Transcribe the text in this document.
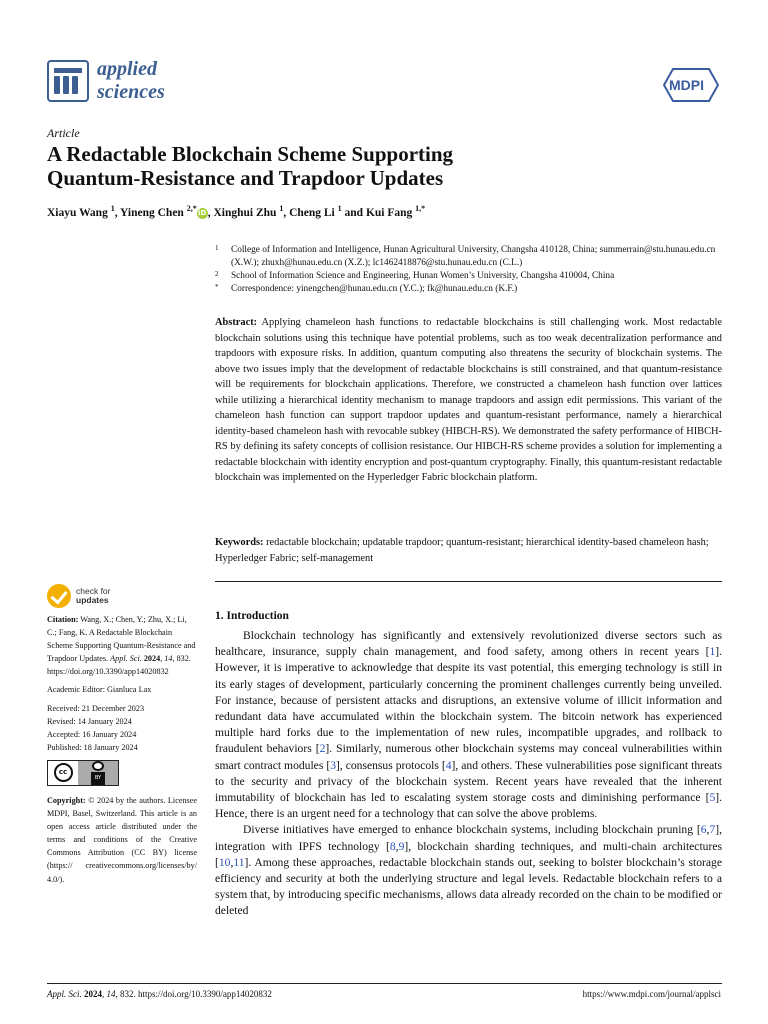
applied
sciences	MDPI
Article
A Redactable Blockchain Scheme Supporting
Quantum-Resistance and Trapdoor Updates
Xiayu Wang $^1$, Yineng Chen $^{2,*}$iD, Xinghui Zhu $^1$, Cheng Li $^1$ and Kui Fang $^{1,*}$
1	College of Information and Intelligence, Hunan Agricultural University, Changsha 410128, China; summerrain@stu.hunau.edu.cn (X.W.); zhuxh@hunau.edu.cn (X.Z.); lc1462418876@stu.hunau.edu.cn (C.L.)
2	School of Information Science and Engineering, Hunan Women’s University, Changsha 410004, China
*	Correspondence: yinengchen@hunau.edu.cn (Y.C.); fk@hunau.edu.cn (K.F.)
Abstract: Applying chameleon hash functions to redactable blockchains is still challenging work. Most redactable blockchain solutions using this technique have potential problems, such as too weak decentralization performance and trapdoors with exposure risks. In addition, quantum computing also threatens the security of blockchain systems. The above two issues imply that the development of redactable blockchains is still constrained, and that quantum-resistance will be requirements for blockchain applications. Therefore, we constructed a chameleon hash function over lattices while utilizing a hierarchical identity mechanism to manage trapdoors and assign edit permissions. This variant of the chameleon hash function can support trapdoor updates and quantum-resistant performance, namely a hierarchical identity-based chameleon hash with revocable subkey (HIBCH-RS). We demonstrated the safety performance of HIBCH-RS by defining its safety concepts of collision resistance. Our HIBCH-RS scheme provides a solution for implementing a redactable blockchain with identity encryption and post-quantum cryptography. Finally, this quantum-resistant redactable blockchain was implemented on the Hyperledger Fabric blockchain platform.
Keywords: redactable blockchain; updatable trapdoor; quantum-resistant; hierarchical identity-based chameleon hash; Hyperledger Fabric; self-management
check for
updates

Citation: Wang, X.; Chen, Y.; Zhu, X.; Li, C.; Fang, K. A Redactable Blockchain Scheme Supporting Quantum-Resistance and Trapdoor Updates. Appl. Sci. 2024, 14, 832. https://doi.org/10.3390/app14020832

Academic Editor: Gianluca Lax

Received: 21 December 2023
Revised: 14 January 2024
Accepted: 16 January 2024
Published: 18 January 2024
cc
BY

Copyright: © 2024 by the authors. Licensee MDPI, Basel, Switzerland. This article is an open access article distributed under the terms and conditions of the Creative Commons Attribution (CC BY) license (https:// creativecommons.org/licenses/by/ 4.0/).

1. Introduction

Blockchain technology has significantly and extensively revolutionized diverse sectors such as healthcare, insurance, supply chain management, and food safety, among others in recent years [1]. However, it is imperative to acknowledge that despite its vast potential, this emerging technology is still in its early stages of development, particularly concerning the prominent challenges currently being unveiled. For instance, because of persistent attacks and disruptions, an extensive volume of illicit information and redundant data have accumulated within the blockchain system. The bitcoin network has experienced multiple hard forks due to the implementation of new rules, incompatible upgrades, and rollback to fraudulent behaviors [2]. Similarly, numerous other blockchain systems may conceal vulnerabilities within smart contract modules [3], consensus protocols [4], and others. These vulnerabilities pose significant threats to the security and privacy of the blockchain system. Recent years have revealed that the inherent immutability of blockchain has led to escalating system storage costs and diminishing performance [5]. Hence, there is an urgent need for a technology that can solve the above problems.

Diverse initiatives have emerged to enhance blockchain systems, including blockchain pruning [6,7], integration with IPFS technology [8,9], blockchain sharding techniques, and multi-chain architectures [10,11]. Among these approaches, redactable blockchain stands out, seeking to bolster blockchain’s storage efficiency and security at both the underlying structure and legal levels. Redactable blockchain refers to a system that, by introducing specific mechanisms, allows data already recorded on the chain to be modified or deleted

Appl. Sci. 2024, 14, 832. https://doi.org/10.3390/app14020832	https://www.mdpi.com/journal/applsci
